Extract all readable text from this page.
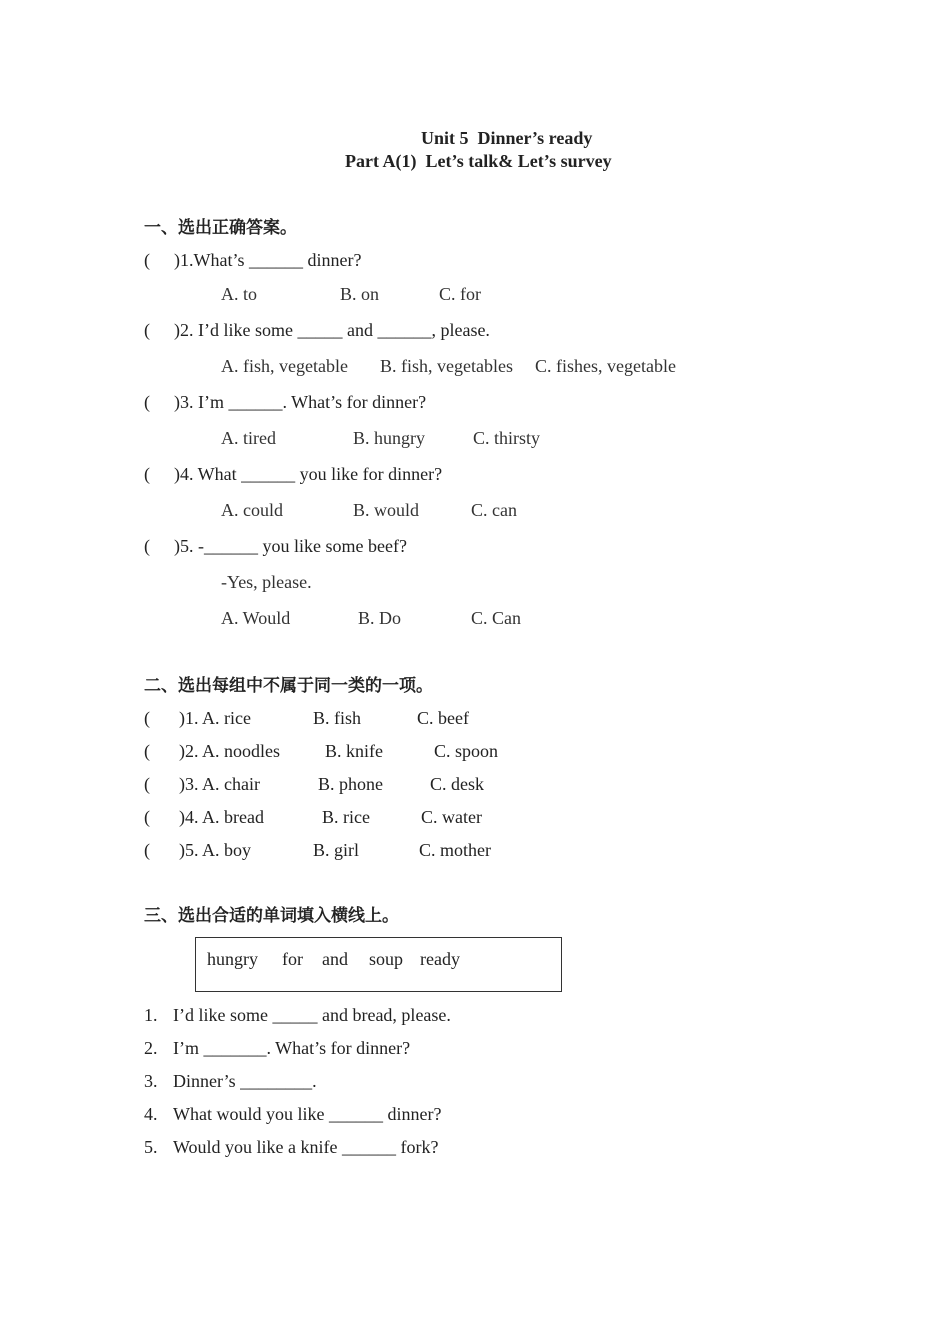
Unit 5  Dinner’s ready
Part A(1)  Let’s talk& Let’s survey
一、选出正确答案。
( )1.What’s ______ dinner?
A. to	B. on	C. for
( )2. I’d like some _____ and ______, please.
A. fish, vegetable B. fish, vegetables C. fishes, vegetable
( )3. I’m ______. What’s for dinner?
A. tired	B. hungry	C. thirsty
( )4. What ______ you like for dinner?
A. could	B. would	C. can
( )5. -______ you like some beef?
-Yes, please.
A. Would	B. Do	C. Can
二、选出每组中不属于同一类的一项。
( )1. A. rice	B. fish	C. beef
( )2. A. noodles	B. knife	C. spoon
( )3. A. chair	B. phone	C. desk
( )4. A. bread	B. rice	C. water
( )5. A. boy	B. girl	C. mother
三、选出合适的单词填入横线上。
hungry for and soup ready
1. I’d like some _____ and bread, please.
2. I’m _______. What’s for dinner?
3. Dinner’s ________.
4. What would you like ______ dinner?
5. Would you like a knife ______ fork?
